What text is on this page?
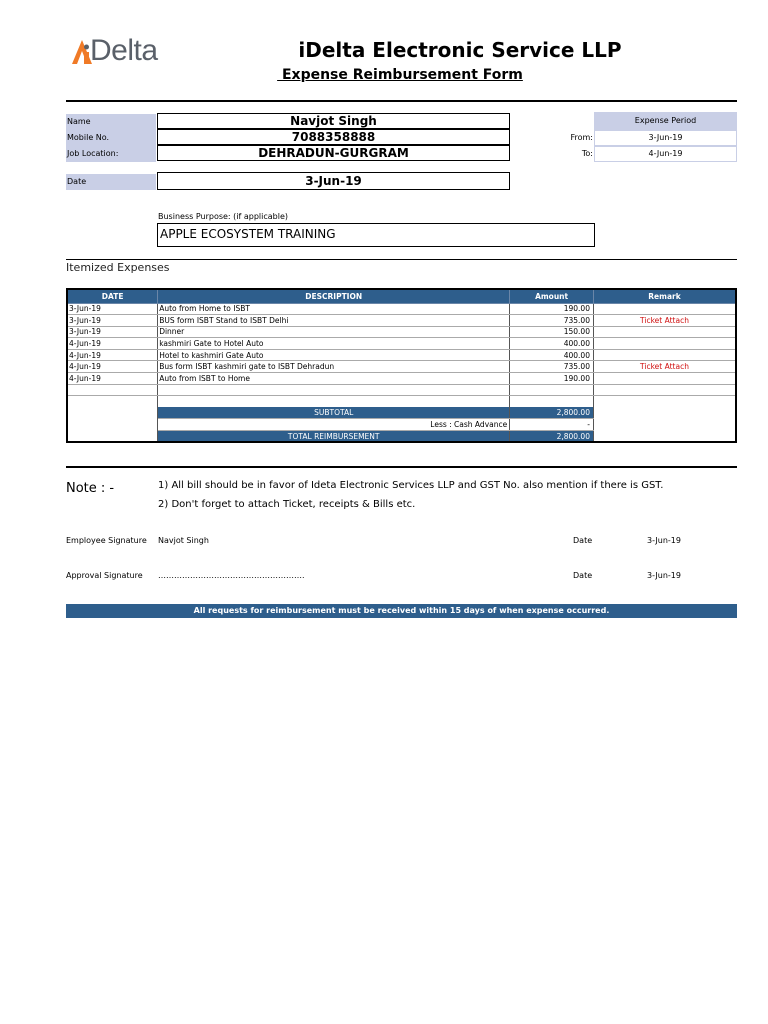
Delta	iDelta Electronic Service LLP
Expense Reimbursement Form
Name	Navjot Singh
Mobile No.	7088358888
Job Location:	DEHRADUN-GURGRAM
Date	3-Jun-19
Expense Period
From:	3-Jun-19
To:	4-Jun-19
Business Purpose: (if applicable)
APPLE ECOSYSTEM TRAINING
Itemized Expenses
DATE	DESCRIPTION	Amount	Remark
3-Jun-19	Auto from Home to ISBT	190.00	
3-Jun-19	BUS form ISBT Stand to ISBT Delhi	735.00	Ticket Attach
3-Jun-19	Dinner	150.00	
4-Jun-19	kashmiri Gate to Hotel Auto	400.00	
4-Jun-19	Hotel to kashmiri Gate Auto	400.00	
4-Jun-19	Bus form ISBT kashmiri gate to ISBT Dehradun	735.00	Ticket Attach
4-Jun-19	Auto from ISBT to Home	190.00	

	SUBTOTAL	2,800.00	
	Less : Cash Advance	-	
	TOTAL REIMBURSEMENT	2,800.00	
Note : -	1) All bill should be in favor of Ideta Electronic Services LLP and GST No. also mention if there is GST.
2) Don't forget to attach Ticket, receipts & Bills etc.
Employee Signature Navjot Singh	Date	3-Jun-19
Approval Signature ……………………………………………….	Date	3-Jun-19
All requests for reimbursement must be received within 15 days of when expense occurred.
